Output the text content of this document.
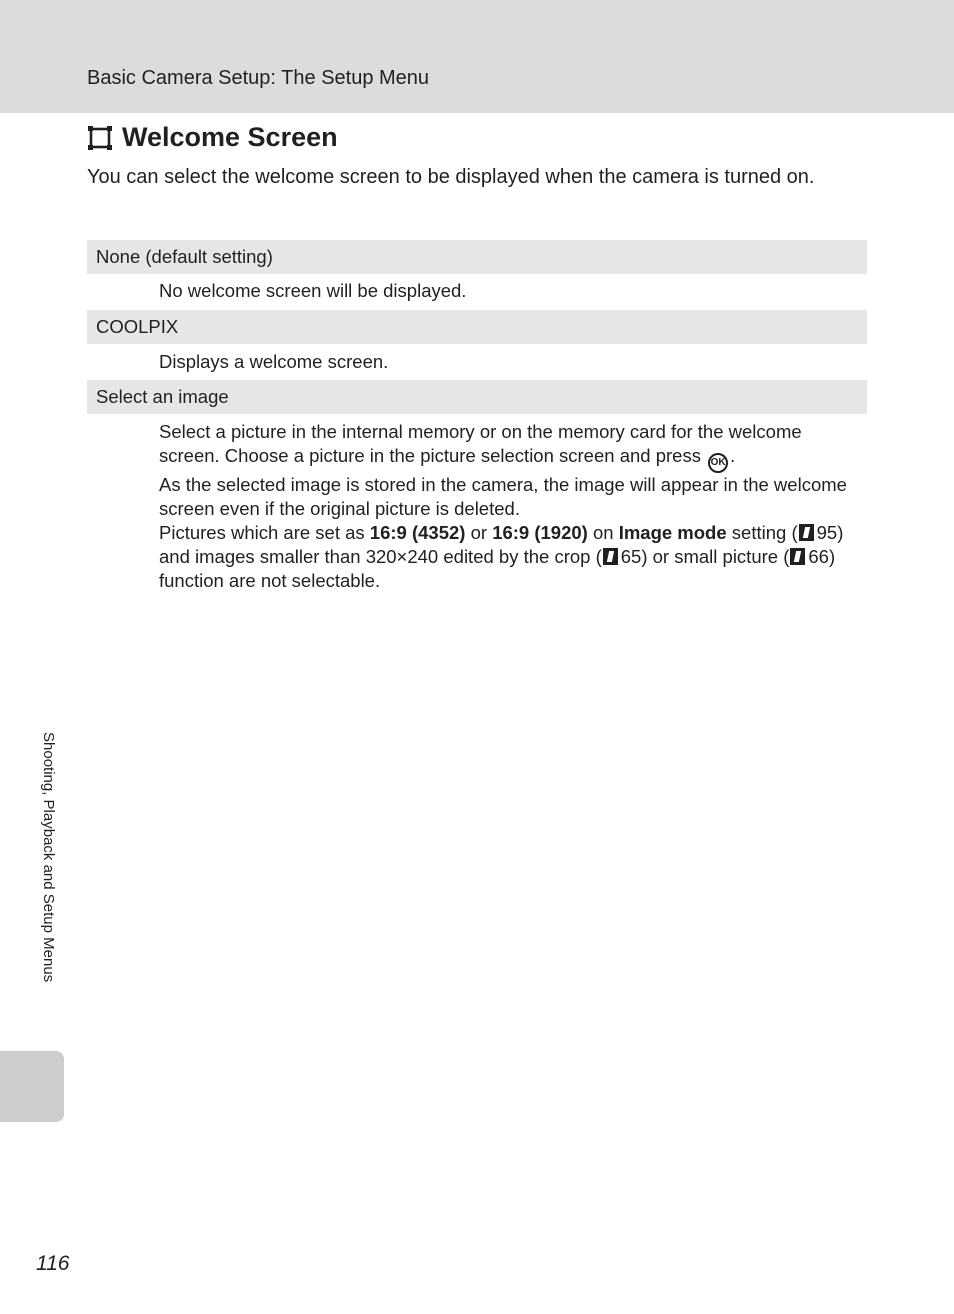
Basic Camera Setup: The Setup Menu
Welcome Screen
You can select the welcome screen to be displayed when the camera is turned on.
None (default setting)
No welcome screen will be displayed.
COOLPIX
Displays a welcome screen.
Select an image

Select a picture in the internal memory or on the memory card for the welcome screen. Choose a picture in the picture selection screen and press OK .

As the selected image is stored in the camera, the image will appear in the welcome screen even if the original picture is deleted.

Pictures which are set as 16:9 (4352) or 16:9 (1920) on Image mode setting ( 95) and images smaller than 320×240 edited by the crop ( 65) or small picture ( 66) function are not selectable.

Shooting, Playback and Setup Menus
116
